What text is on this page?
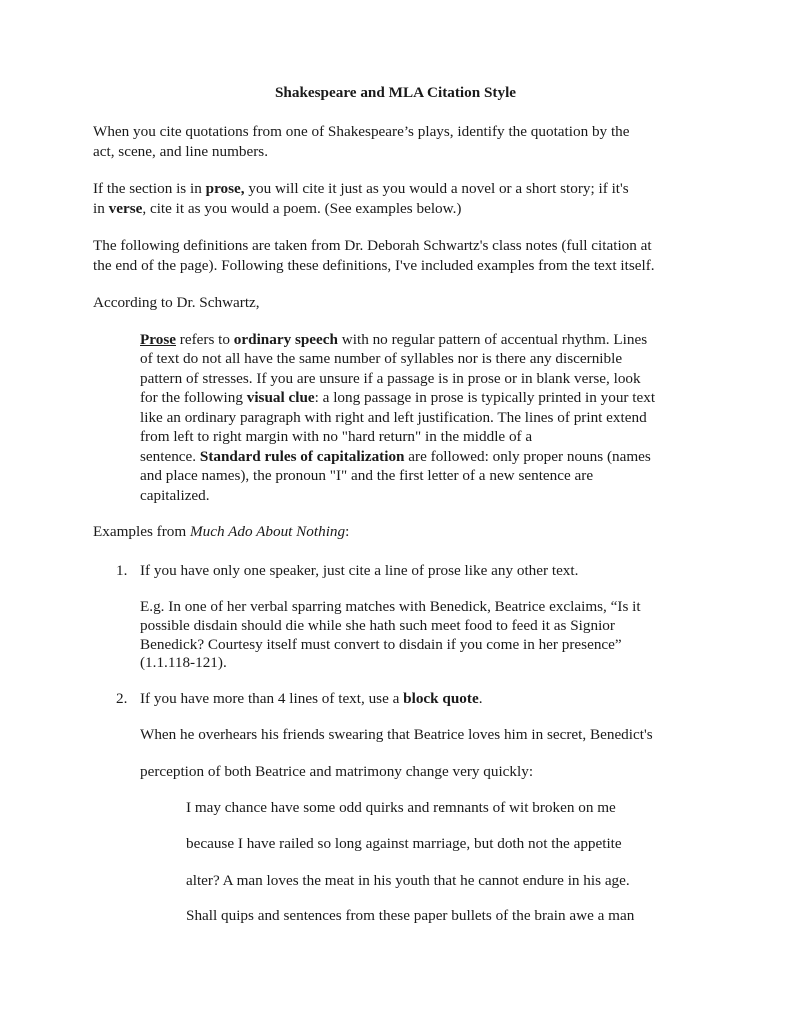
Shakespeare and MLA Citation Style
When you cite quotations from one of Shakespeare’s plays, identify the quotation by the
act, scene, and line numbers.
If the section is in prose, you will cite it just as you would a novel or a short story; if it's
in verse, cite it as you would a poem. (See examples below.)
The following definitions are taken from Dr. Deborah Schwartz's class notes (full citation at
the end of the page). Following these definitions, I've included examples from the text itself.
According to Dr. Schwartz,
Prose refers to ordinary speech with no regular pattern of accentual rhythm. Lines
of text do not all have the same number of syllables nor is there any discernible
pattern of stresses. If you are unsure if a passage is in prose or in blank verse, look
for the following visual clue: a long passage in prose is typically printed in your text
like an ordinary paragraph with right and left justification. The lines of print extend
from left to right margin with no "hard return" in the middle of a
sentence. Standard rules of capitalization are followed: only proper nouns (names
and place names), the pronoun "I" and the first letter of a new sentence are
capitalized.
Examples from Much Ado About Nothing:
1. If you have only one speaker, just cite a line of prose like any other text.
E.g. In one of her verbal sparring matches with Benedick, Beatrice exclaims, “Is it
possible disdain should die while she hath such meet food to feed it as Signior
Benedick? Courtesy itself must convert to disdain if you come in her presence”
(1.1.118-121).
2. If you have more than 4 lines of text, use a block quote.
When he overhears his friends swearing that Beatrice loves him in secret, Benedict's
perception of both Beatrice and matrimony change very quickly:
I may chance have some odd quirks and remnants of wit broken on me
because I have railed so long against marriage, but doth not the appetite
alter? A man loves the meat in his youth that he cannot endure in his age.
Shall quips and sentences from these paper bullets of the brain awe a man
